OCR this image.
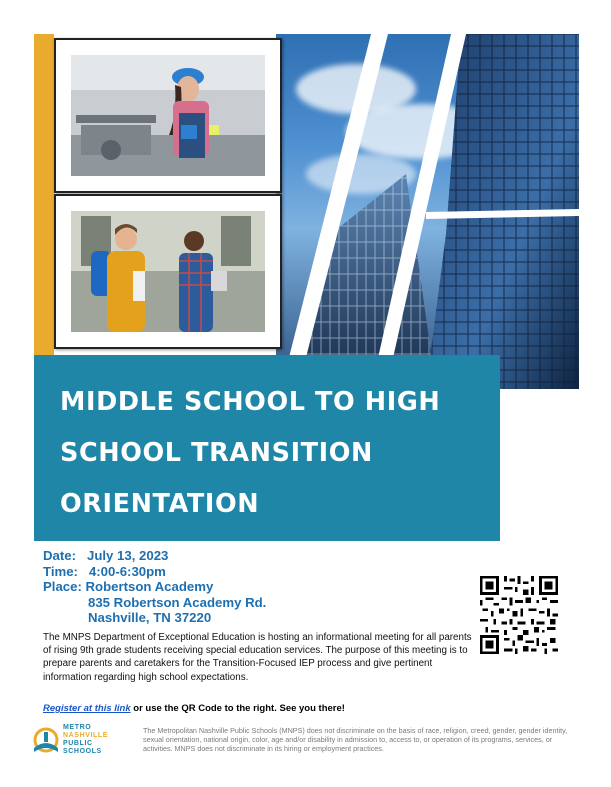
MIDDLE SCHOOL TO HIGH
SCHOOL TRANSITION
ORIENTATION
Date: July 13, 2023
Time: 4:00-6:30pm
Place: Robertson Academy
835 Robertson Academy Rd.
Nashville, TN 37220
The MNPS Department of Exceptional Education is hosting an informational meeting for all parents of rising 9th grade students receiving special education services. The purpose of this meeting is to prepare parents and caretakers for the Transition-Focused IEP process and give pertinent information regarding high school expectations.
Register at this link or use the QR Code to the right. See you there!
METRO
NASHVILLE
PUBLIC
SCHOOLS
The Metropolitan Nashville Public Schools (MNPS) does not discriminate on the basis of race, religion, creed, gender, gender identity, sexual orientation, national origin, color, age and/or disability in admission to, access to, or operation of its programs, services, or activities. MNPS does not discriminate in its hiring or employment practices.
